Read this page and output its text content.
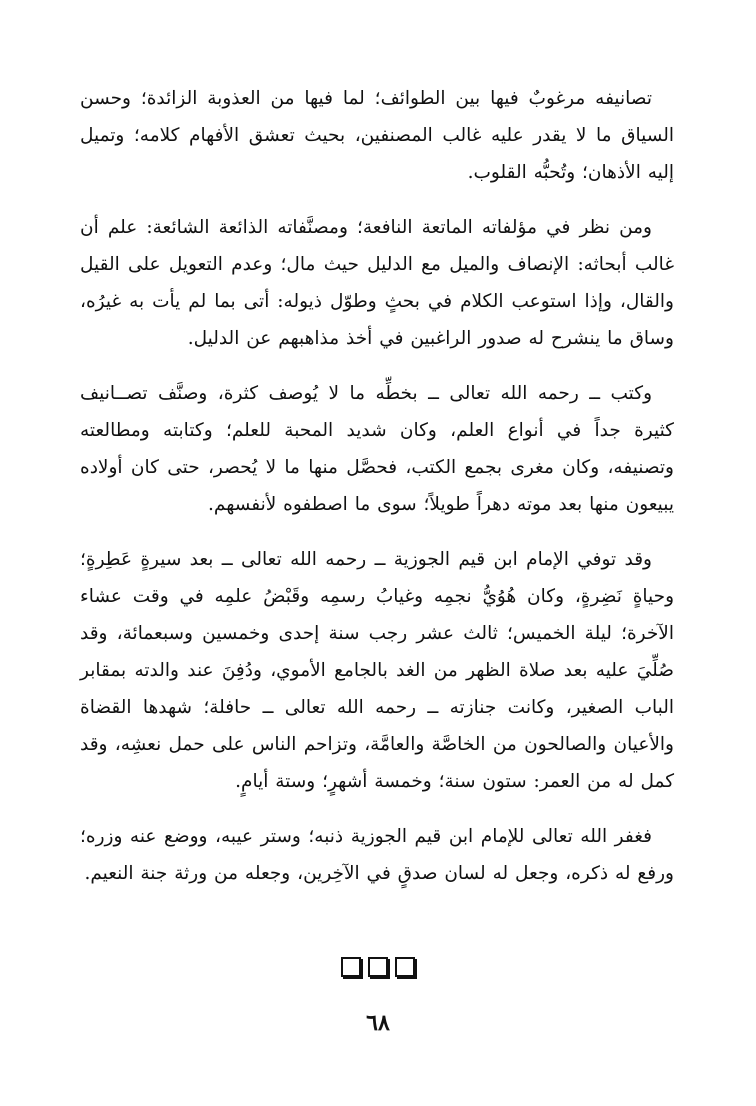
تصانيفه مرغوبٌ فيها بين الطوائف؛ لما فيها من العذوبة الزائدة؛ وحسن السياق ما لا يقدر عليه غالب المصنفين، بحيث تعشق الأفهام كلامه؛ وتميل إليه الأذهان؛ وتُحبُّه القلوب.

ومن نظر في مؤلفاته الماتعة النافعة؛ ومصنَّفاته الذائعة الشائعة: علم أن غالب أبحاثه: الإنصاف والميل مع الدليل حيث مال؛ وعدم التعويل على القيل والقال، وإذا استوعب الكلام في بحثٍ وطوّل ذيوله: أتى بما لم يأت به غيرُه، وساق ما ينشرح له صدور الراغبين في أخذ مذاهبهم عن الدليل.

وكتب ــ رحمه الله تعالى ــ بخطِّه ما لا يُوصف كثرة، وصنَّف تصــانيف كثيرة جداً في أنواع العلم، وكان شديد المحبة للعلم؛ وكتابته ومطالعته وتصنيفه، وكان مغرى بجمع الكتب، فحصَّل منها ما لا يُحصر، حتى كان أولاده يبيعون منها بعد موته دهراً طويلاً؛ سوى ما اصطفوه لأنفسهم.

وقد توفي الإمام ابن قيم الجوزية ــ رحمه الله تعالى ــ بعد سيرةٍ عَطِرةٍ؛ وحياةٍ نَضِرةٍ، وكان هُوُيُّ نجمِه وغيابُ رسمِه وقَبْضُ علمِه في وقت عشاء الآخرة؛ ليلة الخميس؛ ثالث عشر رجب سنة إحدى وخمسين وسبعمائة، وقد صُلِّيَ عليه بعد صلاة الظهر من الغد بالجامع الأموي، ودُفِنَ عند والدته بمقابر الباب الصغير، وكانت جنازته ــ رحمه الله تعالى ــ حافلة؛ شهدها القضاة والأعيان والصالحون من الخاصَّة والعامَّة، وتزاحم الناس على حمل نعشِه، وقد كمل له من العمر: ستون سنة؛ وخمسة أشهرٍ؛ وستة أيامٍ.

فغفر الله تعالى للإمام ابن قيم الجوزية ذنبه؛ وستر عيبه، ووضع عنه وزره؛ ورفع له ذكره، وجعل له لسان صدقٍ في الآخِرين، وجعله من ورثة جنة النعيم.

٦٨
